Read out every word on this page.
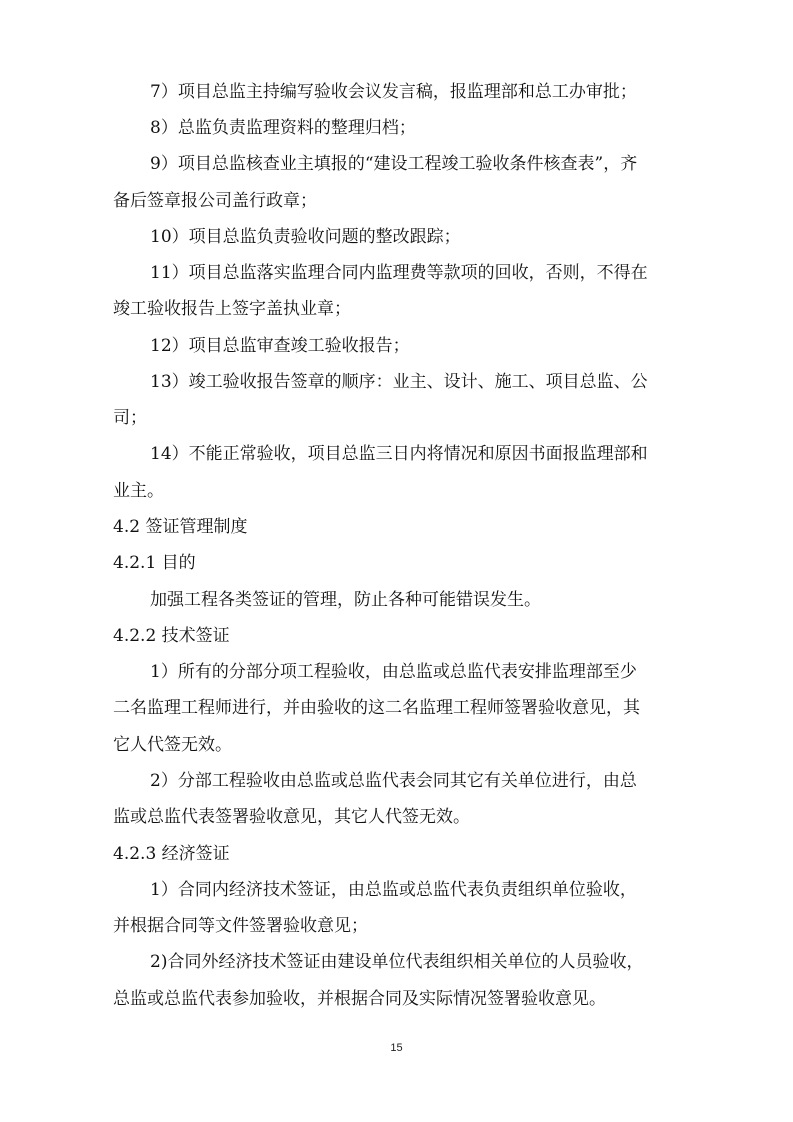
7）项目总监主持编写验收会议发言稿，报监理部和总工办审批；
8）总监负责监理资料的整理归档；
9）项目总监核查业主填报的“建设工程竣工验收条件核查表”，齐
备后签章报公司盖行政章；
10）项目总监负责验收问题的整改跟踪；
11）项目总监落实监理合同内监理费等款项的回收，否则，不得在
竣工验收报告上签字盖执业章；
12）项目总监审查竣工验收报告；
13）竣工验收报告签章的顺序：业主、设计、施工、项目总监、公
司；
14）不能正常验收，项目总监三日内将情况和原因书面报监理部和
业主。
4.2 签证管理制度
4.2.1 目的
加强工程各类签证的管理，防止各种可能错误发生。
4.2.2 技术签证
1）所有的分部分项工程验收，由总监或总监代表安排监理部至少
二名监理工程师进行，并由验收的这二名监理工程师签署验收意见，其
它人代签无效。
2）分部工程验收由总监或总监代表会同其它有关单位进行，由总
监或总监代表签署验收意见，其它人代签无效。
4.2.3 经济签证
1）合同内经济技术签证，由总监或总监代表负责组织单位验收，
并根据合同等文件签署验收意见；
2)合同外经济技术签证由建设单位代表组织相关单位的人员验收，
总监或总监代表参加验收，并根据合同及实际情况签署验收意见。
15
